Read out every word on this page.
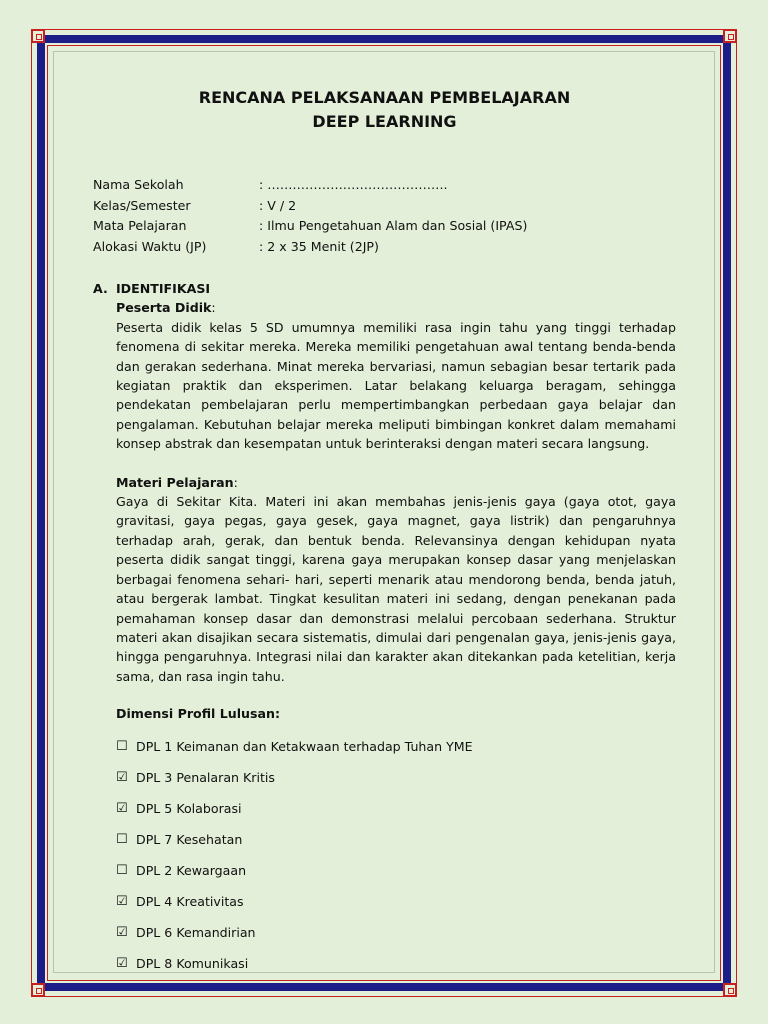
RENCANA PELAKSANAAN PEMBELAJARAN
DEEP LEARNING
Nama Sekolah	: …………………………………….
Kelas/Semester	: V / 2
Mata Pelajaran	: Ilmu Pengetahuan Alam dan Sosial (IPAS)
Alokasi Waktu (JP)	: 2 x 35 Menit (2JP)
A. IDENTIFIKASI
Peserta Didik:

Peserta didik kelas 5 SD umumnya memiliki rasa ingin tahu yang tinggi terhadap fenomena di sekitar mereka. Mereka memiliki pengetahuan awal tentang benda-benda dan gerakan sederhana. Minat mereka bervariasi, namun sebagian besar tertarik pada kegiatan praktik dan eksperimen. Latar belakang keluarga beragam, sehingga pendekatan pembelajaran perlu mempertimbangkan perbedaan gaya belajar dan pengalaman. Kebutuhan belajar mereka meliputi bimbingan konkret dalam memahami konsep abstrak dan kesempatan untuk berinteraksi dengan materi secara langsung.

Materi Pelajaran:

Gaya di Sekitar Kita. Materi ini akan membahas jenis-jenis gaya (gaya otot, gaya gravitasi, gaya pegas, gaya gesek, gaya magnet, gaya listrik) dan pengaruhnya terhadap arah, gerak, dan bentuk benda. Relevansinya dengan kehidupan nyata peserta didik sangat tinggi, karena gaya merupakan konsep dasar yang menjelaskan berbagai fenomena sehari- hari, seperti menarik atau mendorong benda, benda jatuh, atau bergerak lambat. Tingkat kesulitan materi ini sedang, dengan penekanan pada pemahaman konsep dasar dan demonstrasi melalui percobaan sederhana. Struktur materi akan disajikan secara sistematis, dimulai dari pengenalan gaya, jenis-jenis gaya, hingga pengaruhnya. Integrasi nilai dan karakter akan ditekankan pada ketelitian, kerja sama, dan rasa ingin tahu.

Dimensi Profil Lulusan:
☐ DPL 1 Keimanan dan Ketakwaan terhadap Tuhan YME
☑ DPL 3 Penalaran Kritis
☑ DPL 5 Kolaborasi
☐ DPL 7 Kesehatan
☐ DPL 2 Kewargaan
☑ DPL 4 Kreativitas
☑ DPL 6 Kemandirian
☑ DPL 8 Komunikasi
